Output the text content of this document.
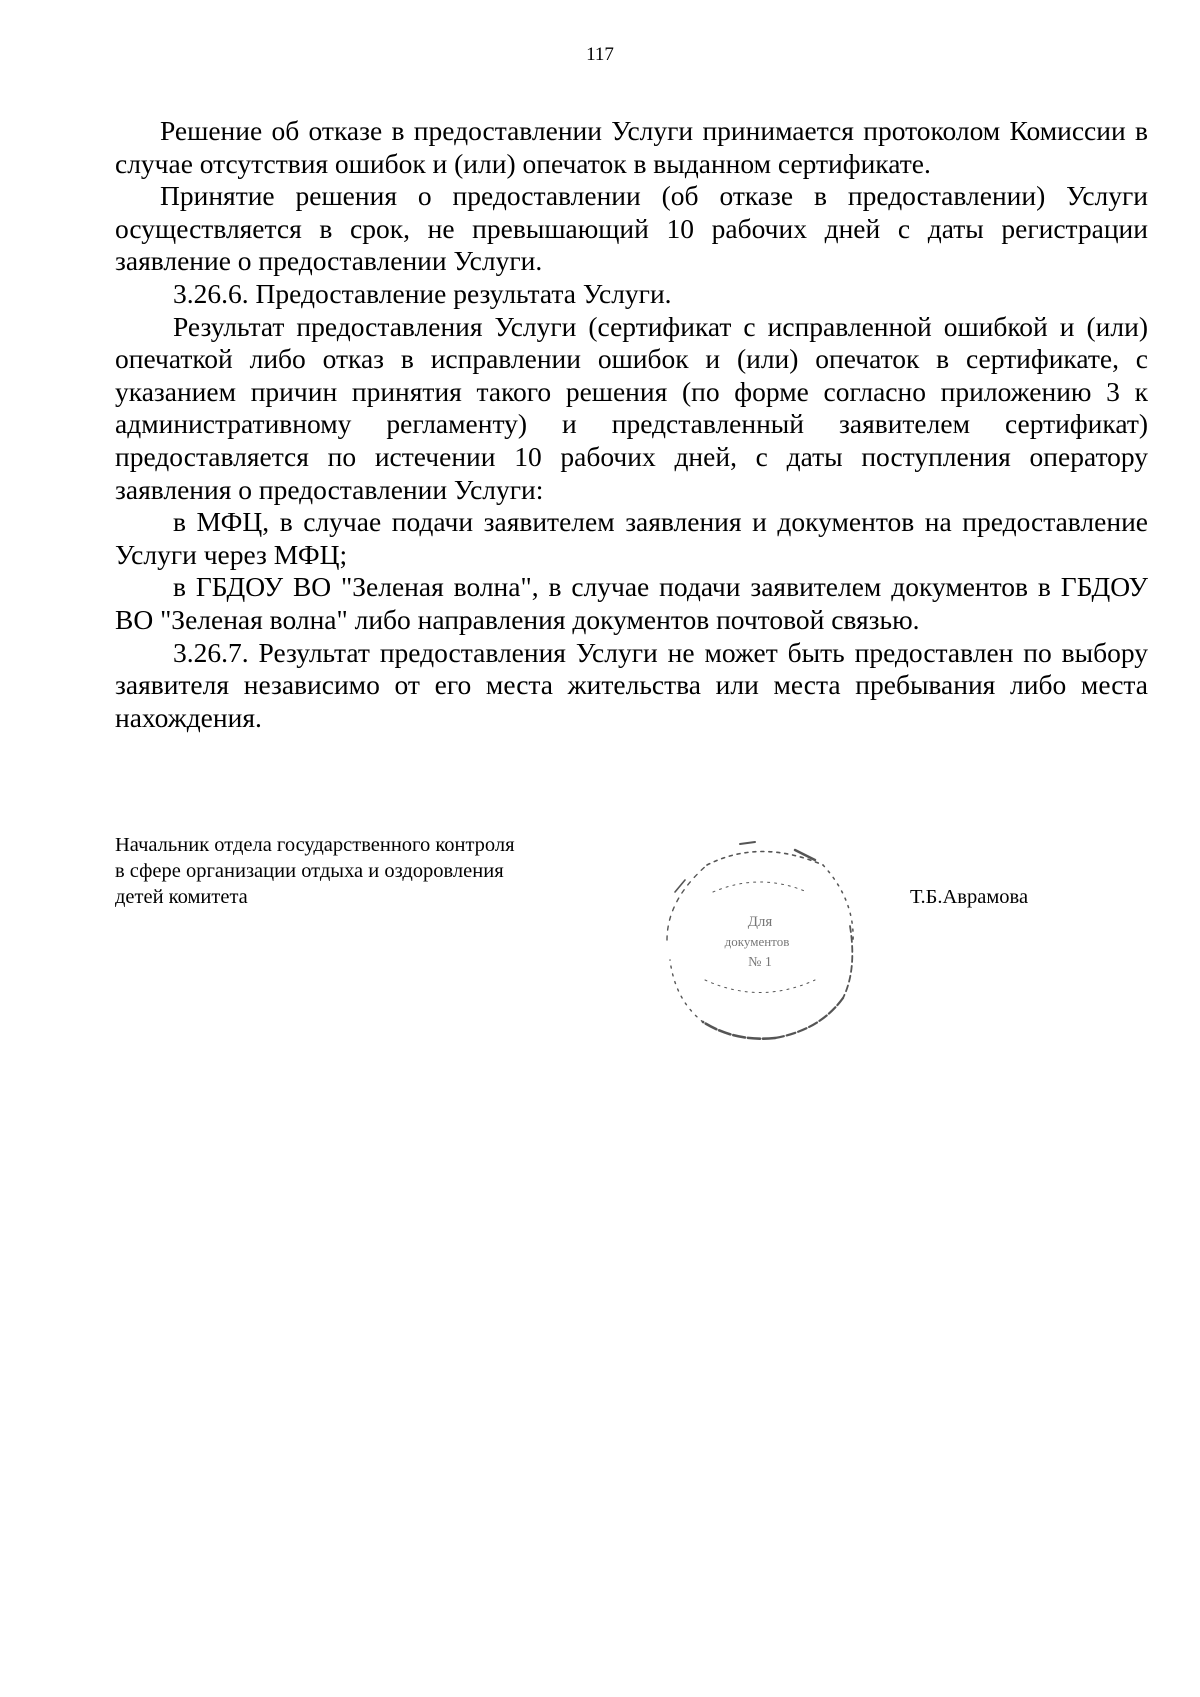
117

Решение об отказе в предоставлении Услуги принимается протоколом Комиссии в случае отсутствия ошибок и (или) опечаток в выданном сертификате.

Принятие решения о предоставлении (об отказе в предоставлении) Услуги осуществляется в срок, не превышающий 10 рабочих дней с даты регистрации заявление о предоставлении Услуги.

3.26.6. Предоставление результата Услуги.

Результат предоставления Услуги (сертификат с исправленной ошибкой и (или) опечаткой либо отказ в исправлении ошибок и (или) опечаток в сертификате, с указанием причин принятия такого решения (по форме согласно приложению 3 к административному регламенту) и представленный заявителем сертификат) предоставляется по истечении 10 рабочих дней, с даты поступления оператору заявления о предоставлении Услуги:

в МФЦ, в случае подачи заявителем заявления и документов на предоставление Услуги через МФЦ;

в ГБДОУ ВО "Зеленая волна", в случае подачи заявителем документов в ГБДОУ ВО "Зеленая волна" либо направления документов почтовой связью.

3.26.7. Результат предоставления Услуги не может быть предоставлен по выбору заявителя независимо от его места жительства или места пребывания либо места нахождения.

Начальник отдела государственного контроля
в сфере организации отдыха и оздоровления
детей комитета
Для
документов
№ 1
Т.Б.Аврамова
